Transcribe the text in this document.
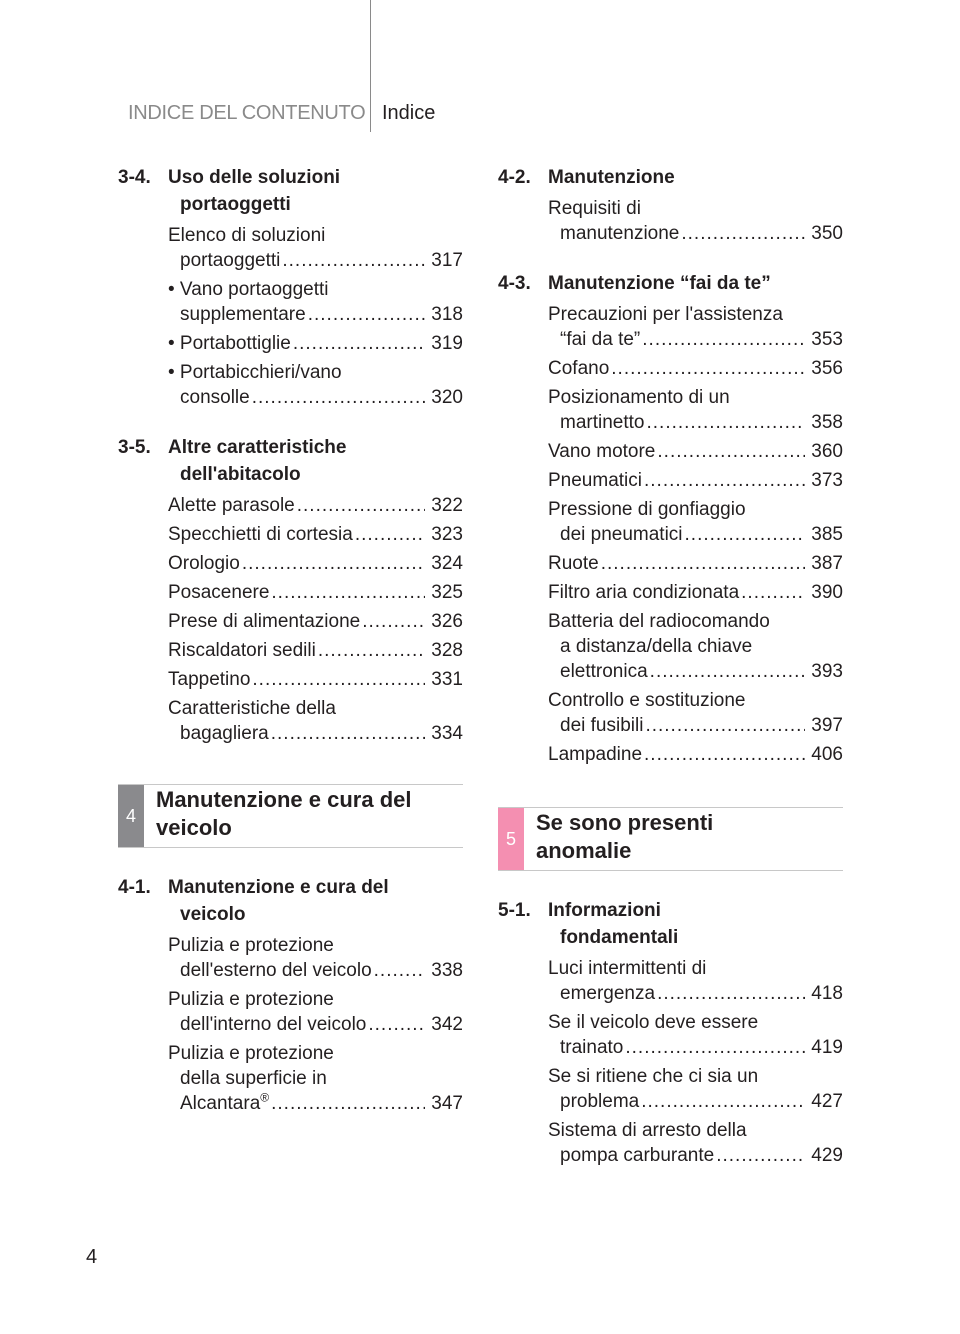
INDICE DEL CONTENUTO Indice
3-4. Uso delle soluzioni
portaoggetti
Elenco di soluzioni
portaoggetti .....	317
• Vano portaoggetti
supplementare .....	318
• Portabottiglie .....	319
• Portabicchieri/vano
consolle .....	320
3-5. Altre caratteristiche
dell'abitacolo
Alette parasole .....	322
Specchietti di cortesia .....	323
Orologio .....	324
Posacenere .....	325
Prese di alimentazione .....	326
Riscaldatori sedili .....	328
Tappetino .....	331
Caratteristiche della
bagagliera .....	334
4
Manutenzione e cura del
veicolo
4-1. Manutenzione e cura del
veicolo
Pulizia e protezione
dell'esterno del veicolo .....	338
Pulizia e protezione
dell'interno del veicolo .....	342
Pulizia e protezione
della superficie in
Alcantara® .....	347
4-2. Manutenzione
Requisiti di
manutenzione .....	350
4-3. Manutenzione “fai da te”
Precauzioni per l'assistenza
“fai da te” .....	353
Cofano .....	356
Posizionamento di un
martinetto .....	358
Vano motore .....	360
Pneumatici .....	373
Pressione di gonfiaggio
dei pneumatici .....	385
Ruote .....	387
Filtro aria condizionata .....	390
Batteria del radiocomando
a distanza/della chiave
elettronica .....	393
Controllo e sostituzione
dei fusibili .....	397
Lampadine .....	406
5
Se sono presenti
anomalie
5-1. Informazioni
fondamentali
Luci intermittenti di
emergenza .....	418
Se il veicolo deve essere
trainato .....	419
Se si ritiene che ci sia un
problema .....	427
Sistema di arresto della
pompa carburante .....	429
4
